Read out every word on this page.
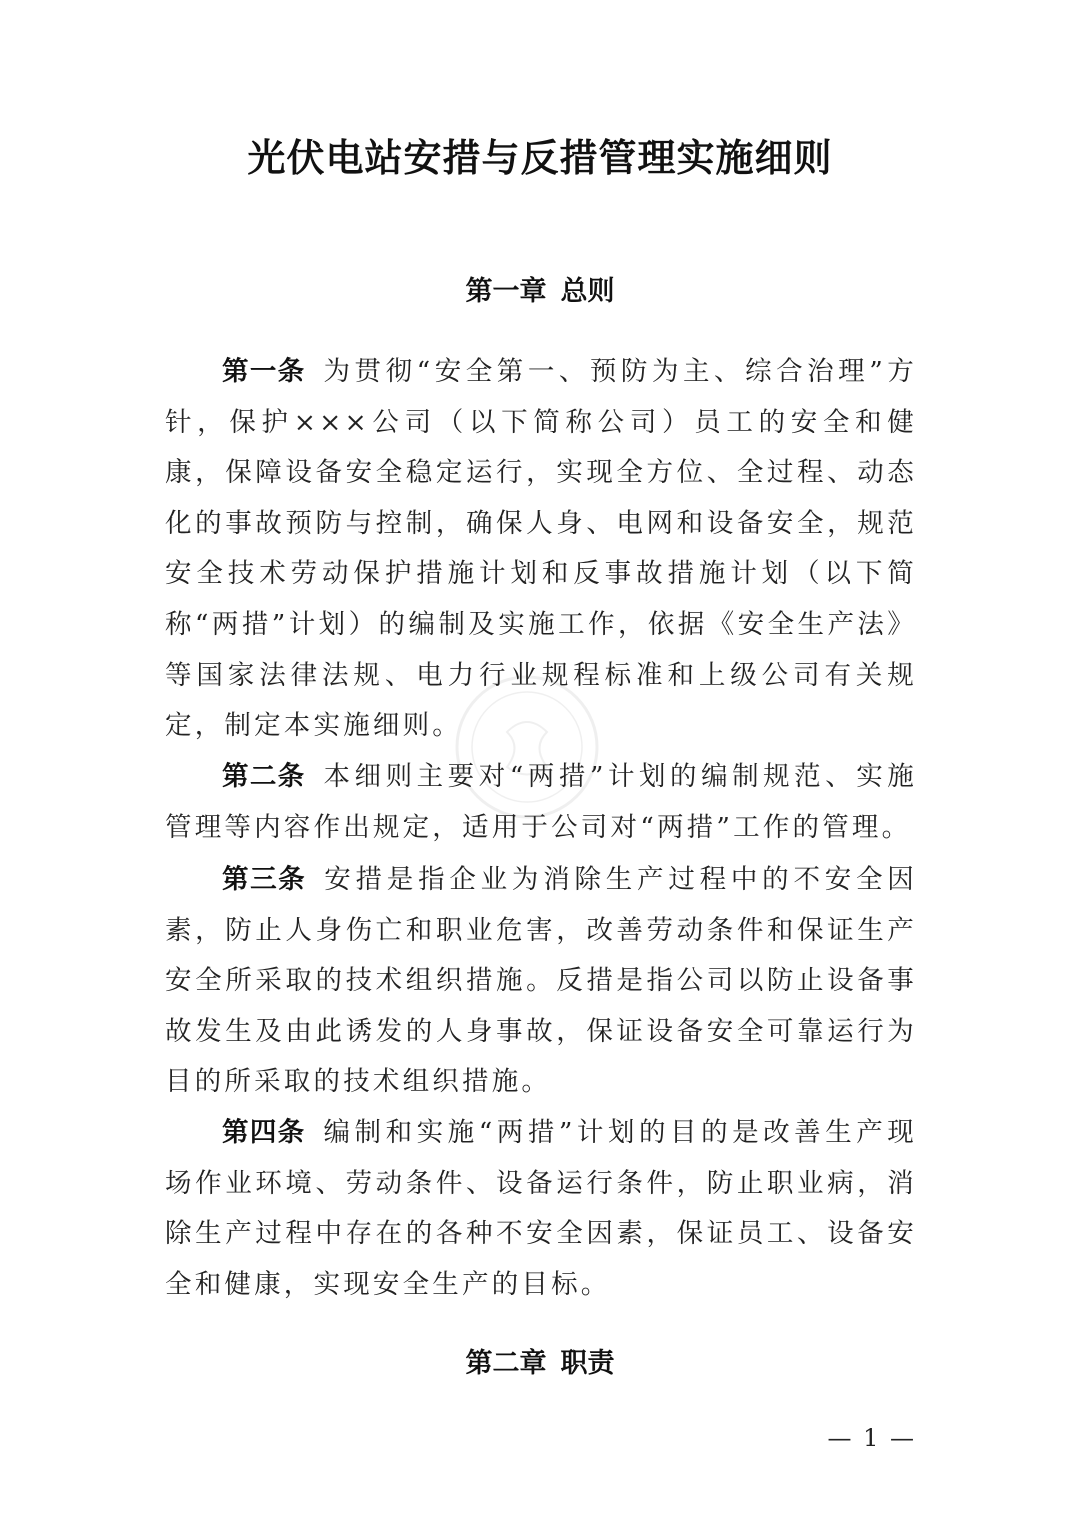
光伏电站安措与反措管理实施细则
第一章 总则

第一条 为贯彻“安全第一、预防为主、综合治理”方针，保护×××公司（以下简称公司）员工的安全和健康，保障设备安全稳定运行，实现全方位、全过程、动态化的事故预防与控制，确保人身、电网和设备安全，规范安全技术劳动保护措施计划和反事故措施计划（以下简称“两措”计划）的编制及实施工作，依据《安全生产法》等国家法律法规、电力行业规程标准和上级公司有关规定，制定本实施细则。

第二条 本细则主要对“两措”计划的编制规范、实施管理等内容作出规定，适用于公司对“两措”工作的管理。

第三条 安措是指企业为消除生产过程中的不安全因素，防止人身伤亡和职业危害，改善劳动条件和保证生产安全所采取的技术组织措施。反措是指公司以防止设备事故发生及由此诱发的人身事故，保证设备安全可靠运行为目的所采取的技术组织措施。

第四条 编制和实施“两措”计划的目的是改善生产现场作业环境、劳动条件、设备运行条件，防止职业病，消除生产过程中存在的各种不安全因素，保证员工、设备安全和健康，实现安全生产的目标。

第二章 职责
— 1 —
